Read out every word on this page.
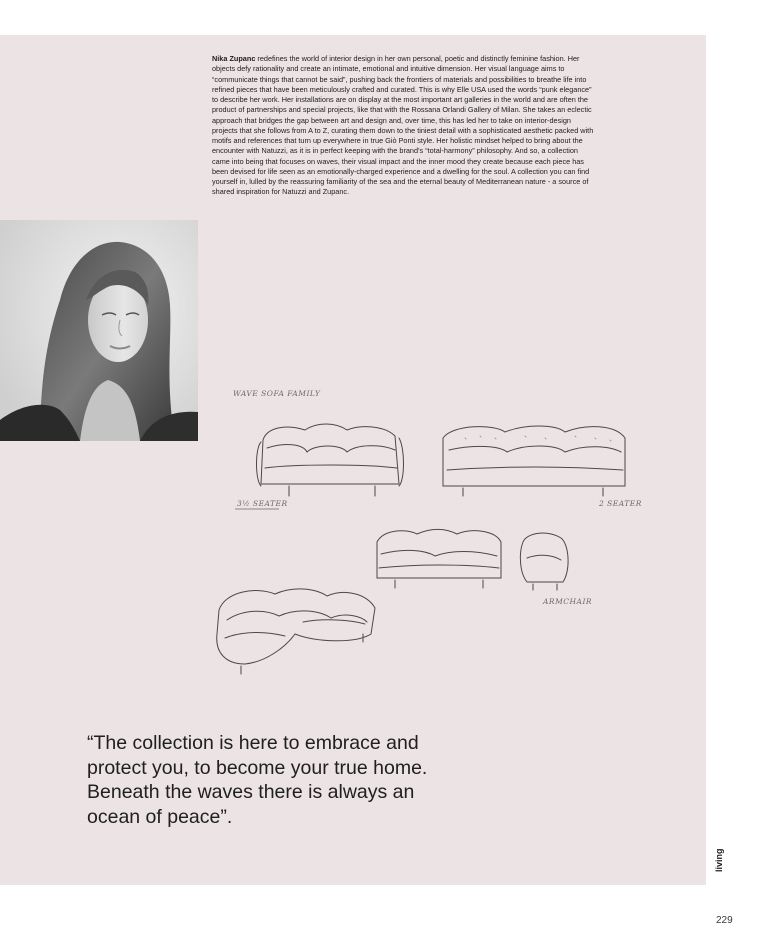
Nika Zupanc redefines the world of interior design in her own personal, poetic and distinctly feminine fashion. Her objects defy rationality and create an intimate, emotional and intuitive dimension. Her visual language aims to “communicate things that cannot be said”, pushing back the frontiers of materials and possibilities to breathe life into refined pieces that have been meticulously crafted and curated. This is why Elle USA used the words “punk elegance” to describe her work. Her installations are on display at the most important art galleries in the world and are often the product of partnerships and special projects, like that with the Rossana Orlandi Gallery of Milan. She takes an eclectic approach that bridges the gap between art and design and, over time, this has led her to take on interior-design projects that she follows from A to Z, curating them down to the tiniest detail with a sophisticated aesthetic packed with motifs and references that turn up everywhere in true Giò Ponti style. Her holistic mindset helped to bring about the encounter with Natuzzi, as it is in perfect keeping with the brand’s “total-harmony” philosophy. And so, a collection came into being that focuses on waves, their visual impact and the inner mood they create because each piece has been devised for life seen as an emotionally-charged experience and a dwelling for the soul. A collection you can find yourself in, lulled by the reassuring familiarity of the sea and the eternal beauty of Mediterranean nature - a source of shared inspiration for Natuzzi and Zupanc.

WAVE SOFA FAMILY
3½ SEATER	2 SEATER
ARMCHAIR

“The collection is here to embrace and protect you, to become your true home. Beneath the waves there is always an ocean of peace”.

living
229
